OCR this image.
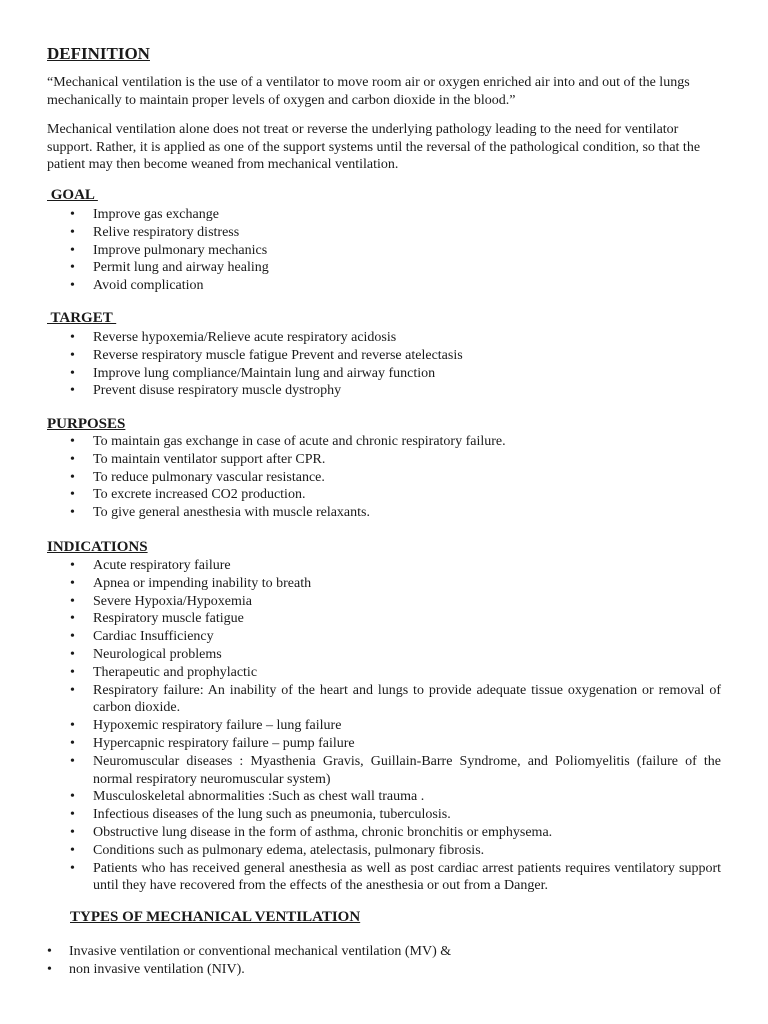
DEFINITION

“Mechanical ventilation is the use of a ventilator to move room air or oxygen enriched air into and out of the lungs mechanically to maintain proper levels of oxygen and carbon dioxide in the blood.”

Mechanical ventilation alone does not treat or reverse the underlying pathology leading to the need for ventilator support. Rather, it is applied as one of the support systems until the reversal of the pathological condition, so that the patient may then become weaned from mechanical ventilation.

GOAL
• Improve gas exchange
• Relive respiratory distress
• Improve pulmonary mechanics
• Permit lung and airway healing
• Avoid complication
TARGET
• Reverse hypoxemia/Relieve acute respiratory acidosis
• Reverse respiratory muscle fatigue Prevent and reverse atelectasis
• Improve lung compliance/Maintain lung and airway function
• Prevent disuse respiratory muscle dystrophy
PURPOSES
• To maintain gas exchange in case of acute and chronic respiratory failure.
• To maintain ventilator support after CPR.
• To reduce pulmonary vascular resistance.
• To excrete increased CO2 production.
• To give general anesthesia with muscle relaxants.
INDICATIONS
• Acute respiratory failure
• Apnea or impending inability to breath
• Severe Hypoxia/Hypoxemia
• Respiratory muscle fatigue
• Cardiac Insufficiency
• Neurological problems
• Therapeutic and prophylactic
• Respiratory failure: An inability of the heart and lungs to provide adequate tissue oxygenation or removal of carbon dioxide.
• Hypoxemic respiratory failure – lung failure
• Hypercapnic respiratory failure – pump failure
• Neuromuscular diseases : Myasthenia Gravis, Guillain-Barre Syndrome, and Poliomyelitis (failure of the normal respiratory neuromuscular system)
• Musculoskeletal abnormalities :Such as chest wall trauma .
• Infectious diseases of the lung such as pneumonia, tuberculosis.
• Obstructive lung disease in the form of asthma, chronic bronchitis or emphysema.
• Conditions such as pulmonary edema, atelectasis, pulmonary fibrosis.
• Patients who has received general anesthesia as well as post cardiac arrest patients requires ventilatory support until they have recovered from the effects of the anesthesia or out from a Danger.
TYPES OF MECHANICAL VENTILATION
• Invasive ventilation or conventional mechanical ventilation (MV) &
• non invasive ventilation (NIV).
